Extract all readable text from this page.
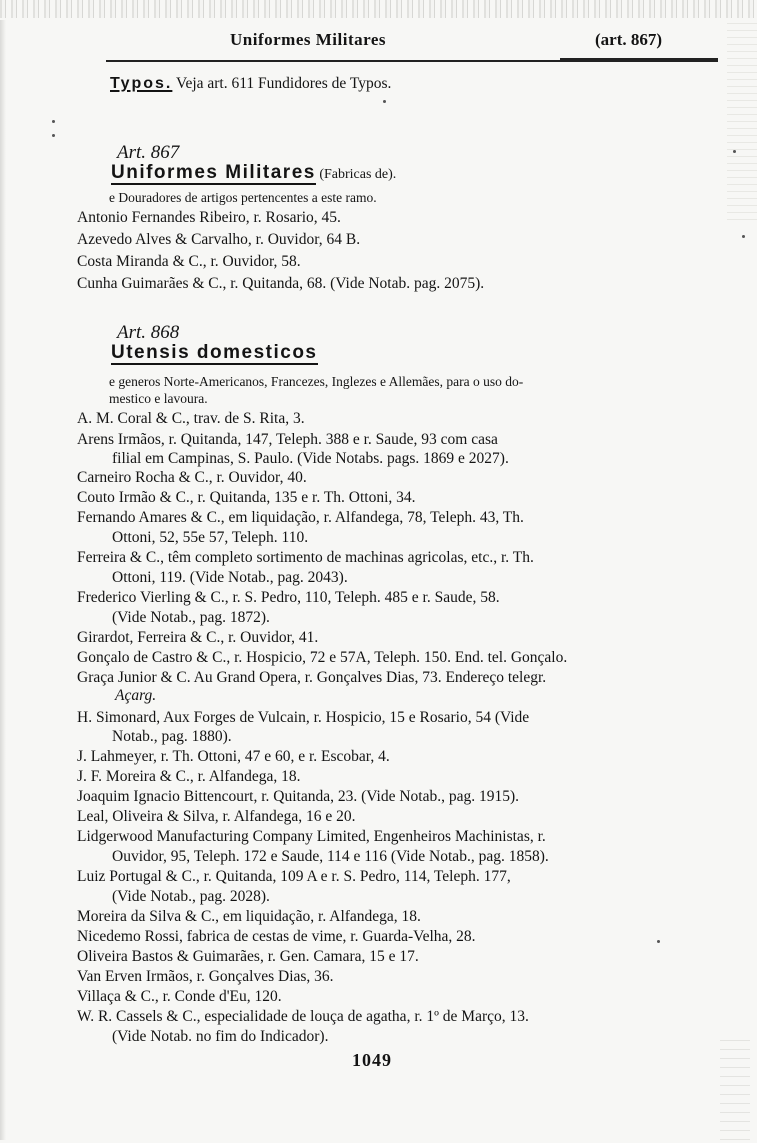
Uniformes Militares	(art. 867)
Typos. Veja art. 611 Fundidores de Typos.
Art. 867
Uniformes Militares (Fabricas de).
e Douradores de artigos pertencentes a este ramo.
Antonio Fernandes Ribeiro, r. Rosario, 45.
Azevedo Alves & Carvalho, r. Ouvidor, 64 B.
Costa Miranda & C., r. Ouvidor, 58.
Cunha Guimarães & C., r. Quitanda, 68. (Vide Notab. pag. 2075).
Art. 868
Utensis domesticos
e generos Norte-Americanos, Francezes, Inglezes e Allemães, para o uso do-
mestico e lavoura.
A. M. Coral & C., trav. de S. Rita, 3.
Arens Irmãos, r. Quitanda, 147, Teleph. 388 e r. Saude, 93 com casa
filial em Campinas, S. Paulo. (Vide Notabs. pags. 1869 e 2027).
Carneiro Rocha & C., r. Ouvidor, 40.
Couto Irmão & C., r. Quitanda, 135 e r. Th. Ottoni, 34.
Fernando Amares & C., em liquidação, r. Alfandega, 78, Teleph. 43, Th.
Ottoni, 52, 55e 57, Teleph. 110.
Ferreira & C., têm completo sortimento de machinas agricolas, etc., r. Th.
Ottoni, 119. (Vide Notab., pag. 2043).
Frederico Vierling & C., r. S. Pedro, 110, Teleph. 485 e r. Saude, 58.
(Vide Notab., pag. 1872).
Girardot, Ferreira & C., r. Ouvidor, 41.
Gonçalo de Castro & C., r. Hospicio, 72 e 57A, Teleph. 150. End. tel. Gonçalo.
Graça Junior & C. Au Grand Opera, r. Gonçalves Dias, 73. Endereço telegr.
Açarg.
H. Simonard, Aux Forges de Vulcain, r. Hospicio, 15 e Rosario, 54 (Vide
Notab., pag. 1880).
J. Lahmeyer, r. Th. Ottoni, 47 e 60, e r. Escobar, 4.
J. F. Moreira & C., r. Alfandega, 18.
Joaquim Ignacio Bittencourt, r. Quitanda, 23. (Vide Notab., pag. 1915).
Leal, Oliveira & Silva, r. Alfandega, 16 e 20.
Lidgerwood Manufacturing Company Limited, Engenheiros Machinistas, r.
Ouvidor, 95, Teleph. 172 e Saude, 114 e 116 (Vide Notab., pag. 1858).
Luiz Portugal & C., r. Quitanda, 109 A e r. S. Pedro, 114, Teleph. 177,
(Vide Notab., pag. 2028).
Moreira da Silva & C., em liquidação, r. Alfandega, 18.
Nicedemo Rossi, fabrica de cestas de vime, r. Guarda-Velha, 28.
Oliveira Bastos & Guimarães, r. Gen. Camara, 15 e 17.
Van Erven Irmãos, r. Gonçalves Dias, 36.
Villaça & C., r. Conde d'Eu, 120.
W. R. Cassels & C., especialidade de louça de agatha, r. 1º de Março, 13.
(Vide Notab. no fim do Indicador).
1049
